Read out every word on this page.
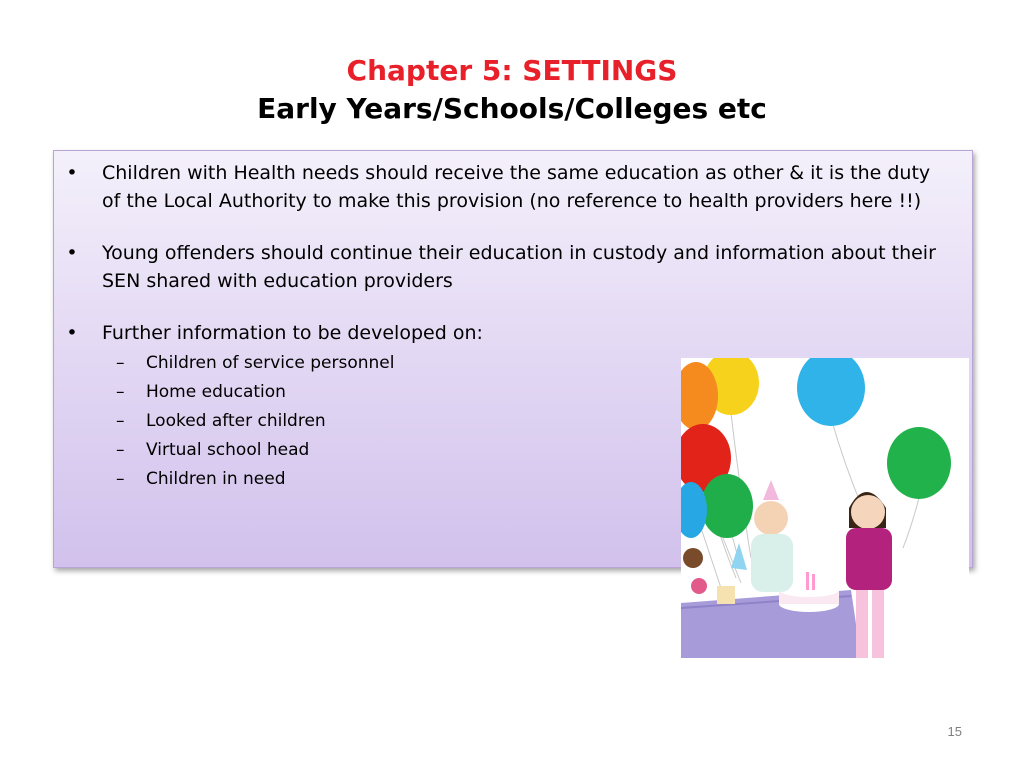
Chapter 5: SETTINGS
Early Years/Schools/Colleges etc
• Children with Health needs should receive the same education as other & it is the duty of the Local Authority to make this provision (no reference to health providers here !!)
• Young offenders should continue their education in custody and information about their SEN shared with education providers
• Further information to be developed on:
– Children of service personnel
– Home education
– Looked after children
– Virtual school head
– Children in need
15
